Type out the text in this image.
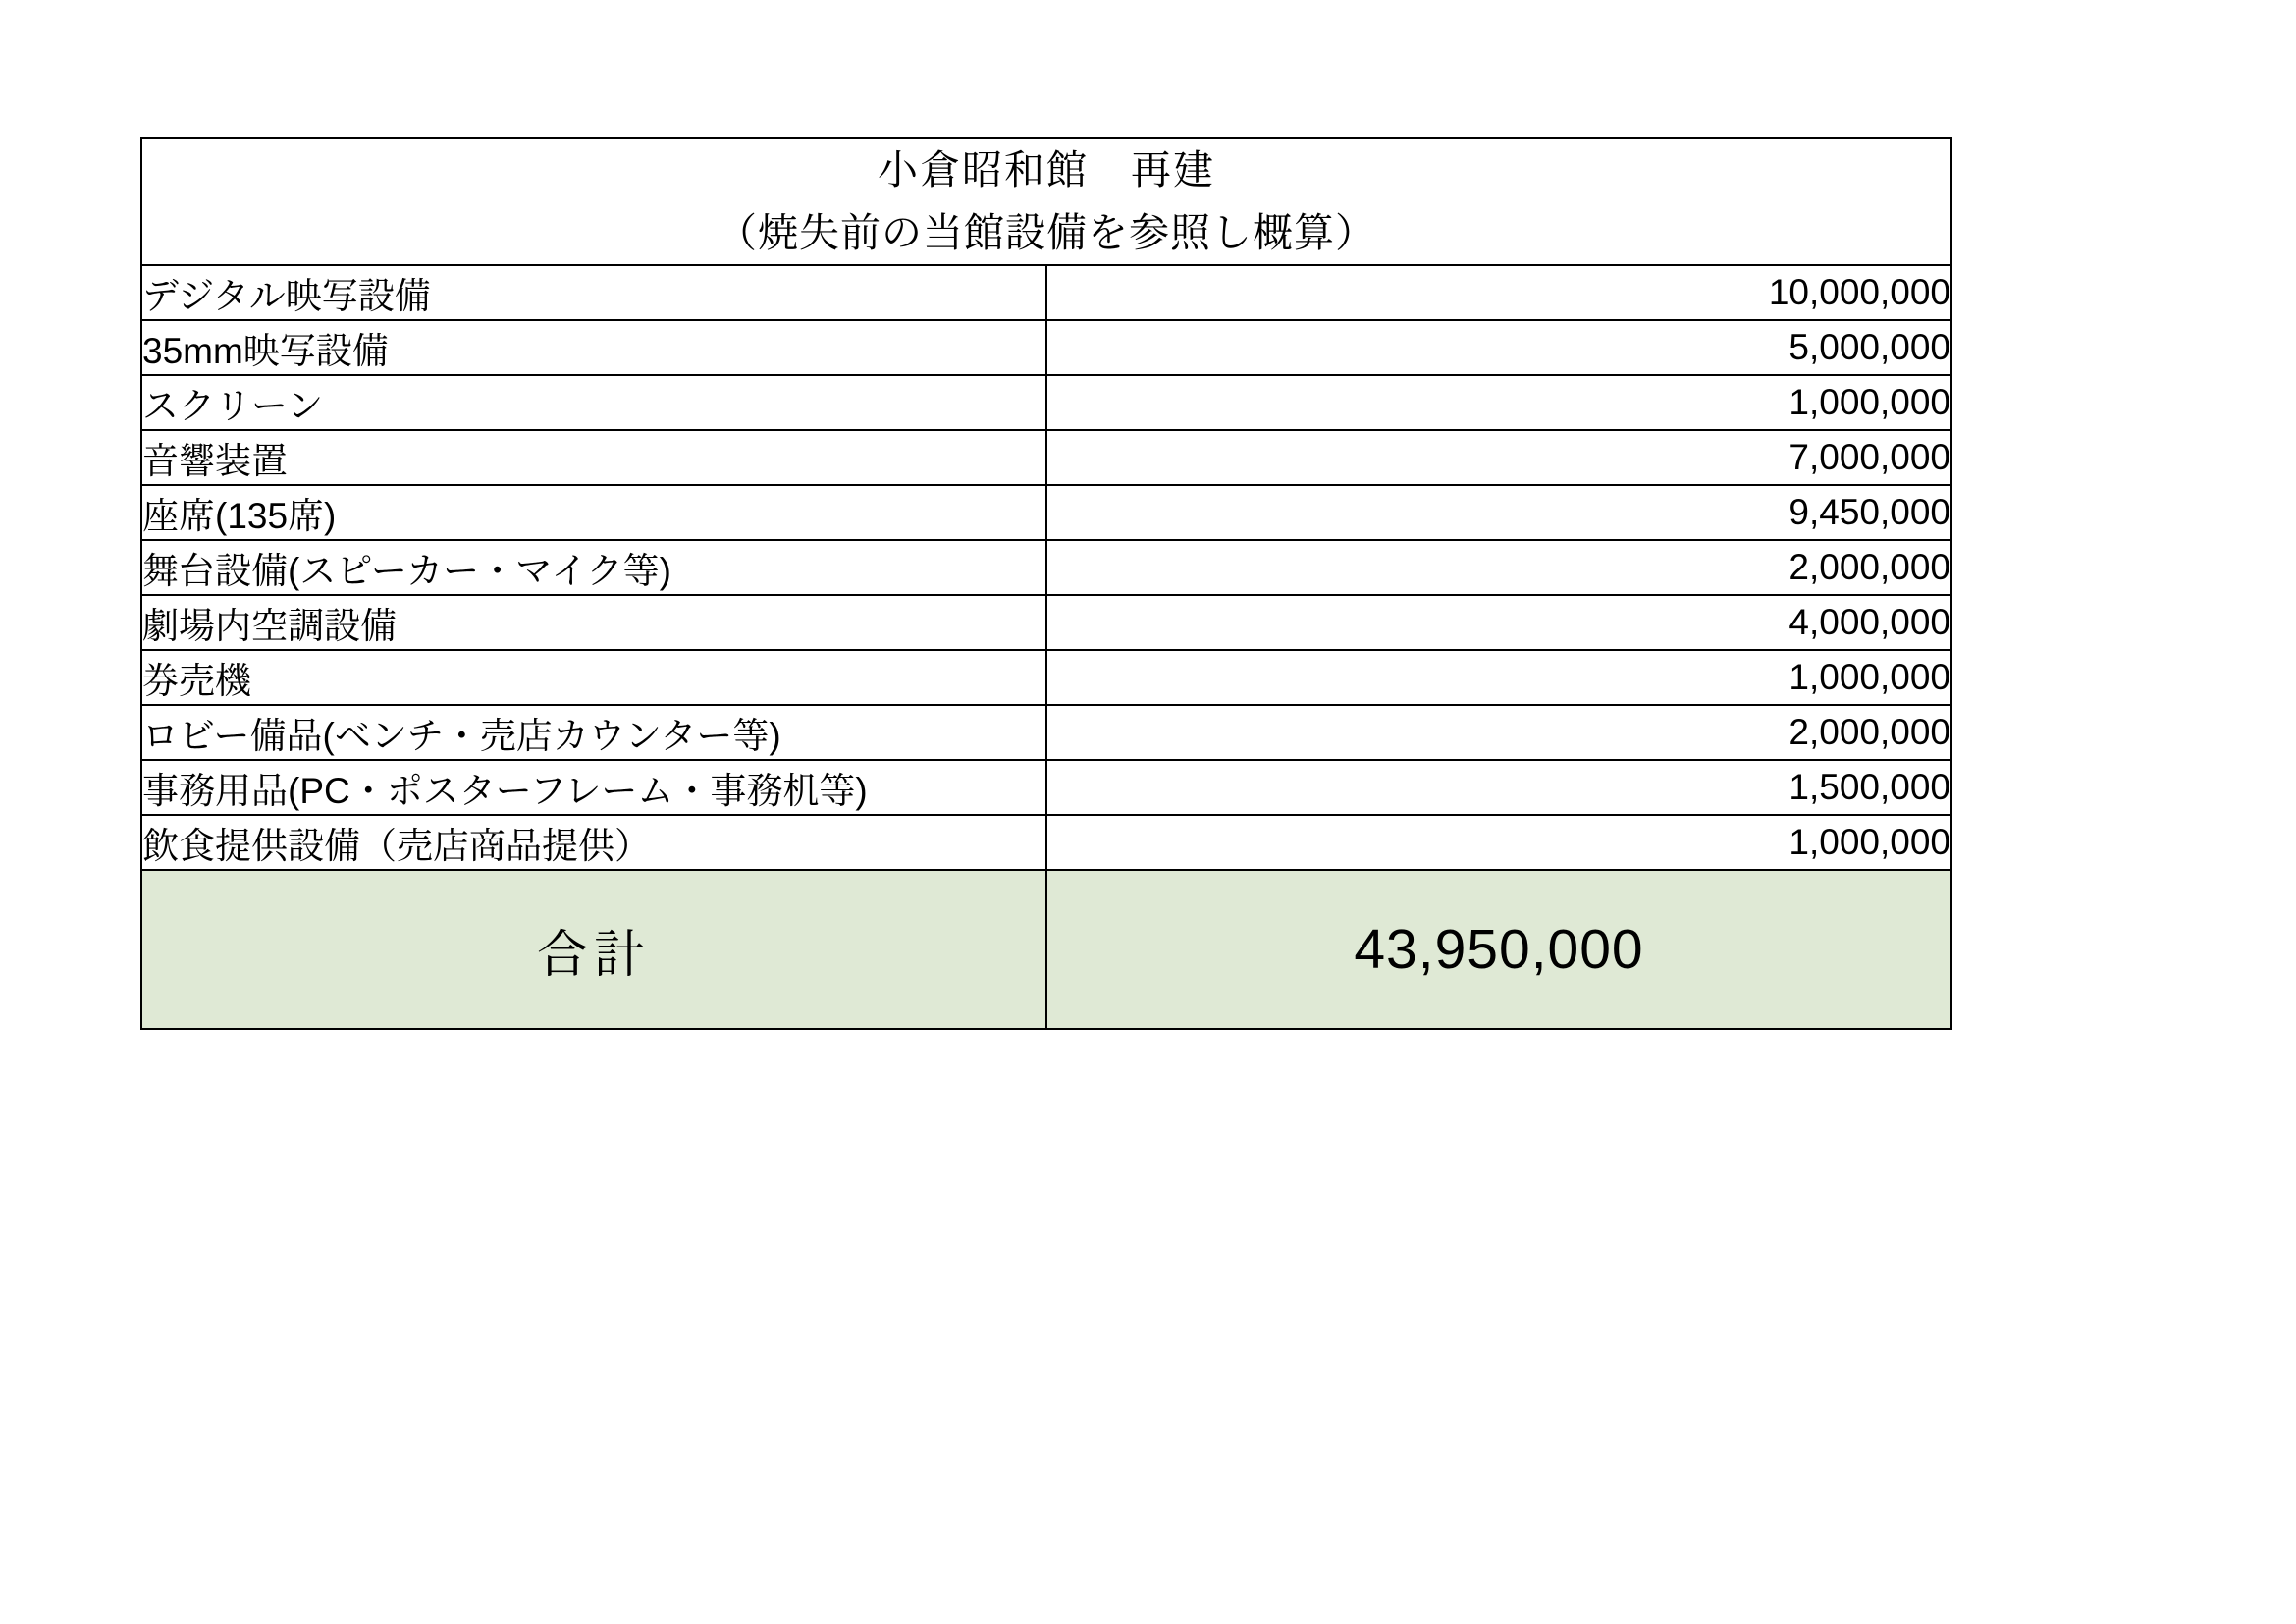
小倉昭和館　再建
（焼失前の当館設備を参照し概算）	

デジタル映写設備	10,000,000
35mm映写設備	5,000,000
スクリーン	1,000,000
音響装置	7,000,000
座席(135席)	9,450,000
舞台設備(スピーカー・マイク等)	2,000,000
劇場内空調設備	4,000,000
券売機	1,000,000
ロビー備品(ベンチ・売店カウンター等)	2,000,000
事務用品(PC・ポスターフレーム・事務机等)	1,500,000
飲食提供設備（売店商品提供）	1,000,000
合計	43,950,000
